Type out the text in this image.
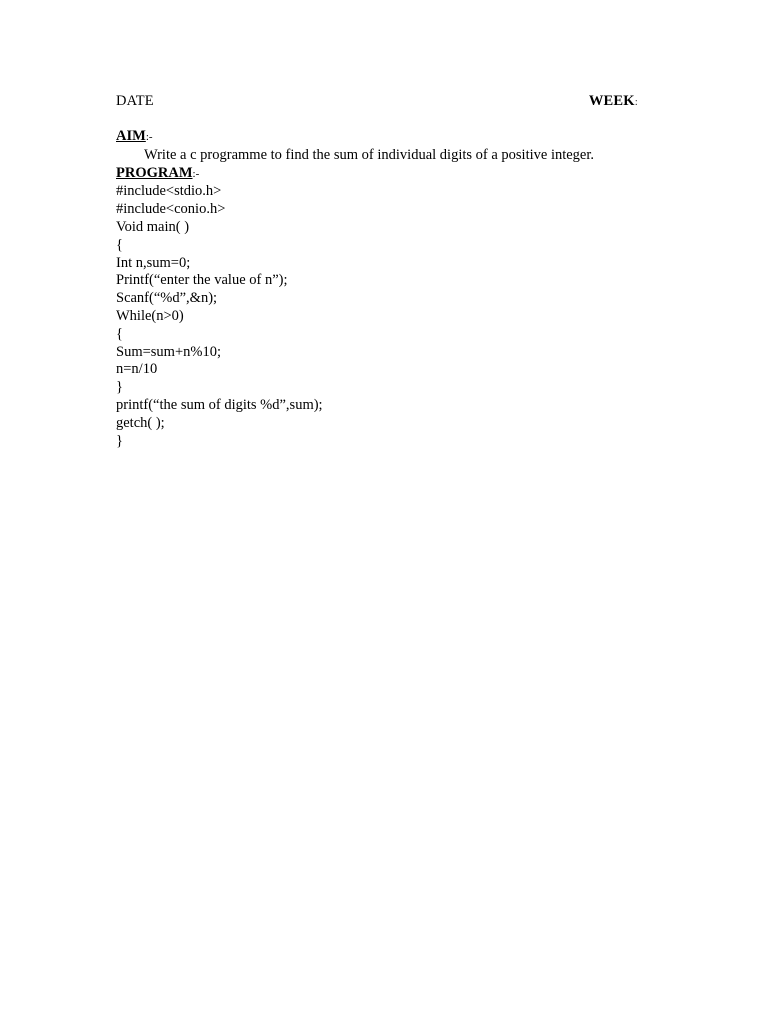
DATE	WEEK:
AIM:-
Write a c programme to find the sum of individual digits of a positive integer.
PROGRAM:-
#include<stdio.h>
#include<conio.h>
Void main( )
{
Int n,sum=0;
Printf(“enter the value of n”);
Scanf(“%d”,&n);
While(n>0)
{
Sum=sum+n%10;
n=n/10
}
printf(“the sum of digits %d”,sum);
getch( );
}
